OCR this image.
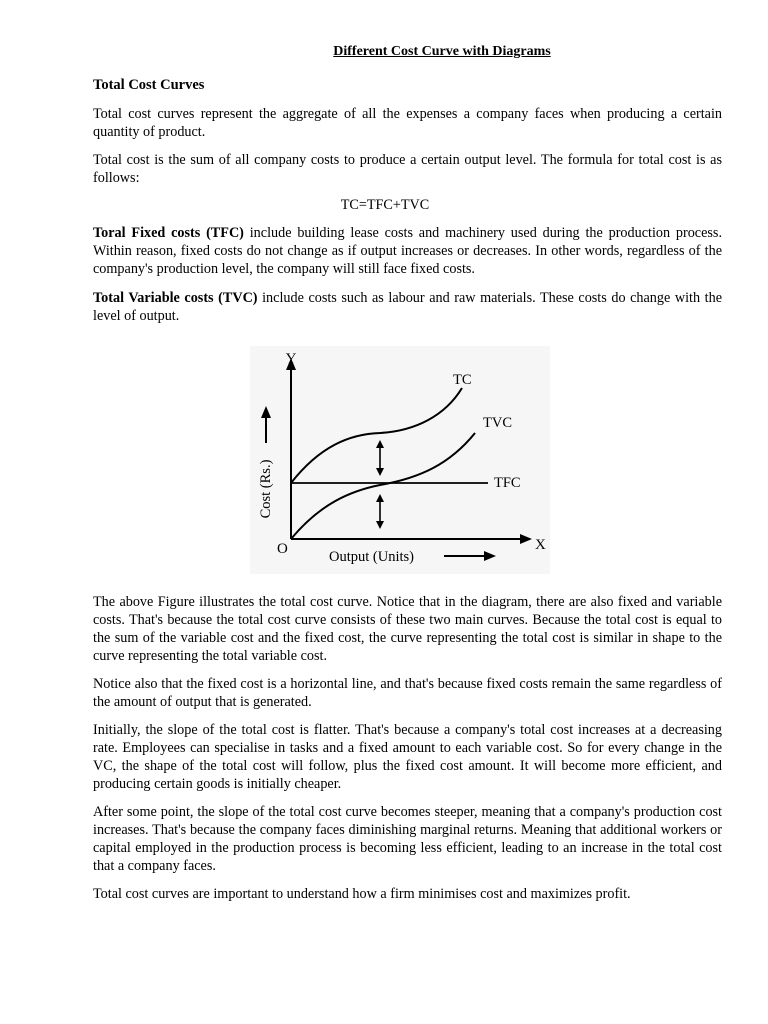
Different Cost Curve with Diagrams
Total Cost Curves

Total cost curves represent the aggregate of all the expenses a company faces when producing a certain quantity of product.

Total cost is the sum of all company costs to produce a certain output level. The formula for total cost is as follows:

TC=TFC+TVC

Toral Fixed costs (TFC) include building lease costs and machinery used during the production process. Within reason, fixed costs do not change as if output increases or decreases. In other words, regardless of the company's production level, the company will still face fixed costs.

Total Variable costs (TVC) include costs such as labour and raw materials. These costs do change with the level of output.

Y
X
O	Output (Units)
Cost (Rs.)	TFC
TC
TVC

The above Figure illustrates the total cost curve. Notice that in the diagram, there are also fixed and variable costs. That's because the total cost curve consists of these two main curves. Because the total cost is equal to the sum of the variable cost and the fixed cost, the curve representing the total cost is similar in shape to the curve representing the total variable cost.

Notice also that the fixed cost is a horizontal line, and that's because fixed costs remain the same regardless of the amount of output that is generated.

Initially, the slope of the total cost is flatter. That's because a company's total cost increases at a decreasing rate. Employees can specialise in tasks and a fixed amount to each variable cost. So for every change in the VC, the shape of the total cost will follow, plus the fixed cost amount. It will become more efficient, and producing certain goods is initially cheaper.

After some point, the slope of the total cost curve becomes steeper, meaning that a company's production cost increases. That's because the company faces diminishing marginal returns. Meaning that additional workers or capital employed in the production process is becoming less efficient, leading to an increase in the total cost that a company faces.

Total cost curves are important to understand how a firm minimises cost and maximizes profit.
